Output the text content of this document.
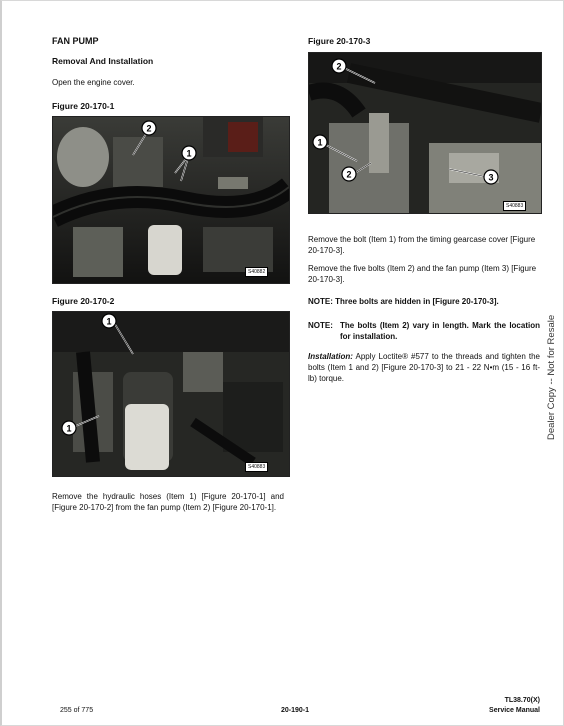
FAN PUMP
Removal And Installation
Open the engine cover.
Figure 20-170-1
2
1
S40882
Figure 20-170-2
1
1
S40883
Remove the hydraulic hoses (Item 1) [Figure 20-170-1] and [Figure 20-170-2] from the fan pump (Item 2) [Figure 20-170-1].
Figure 20-170-3
2
1
2	3
S40883
Remove the bolt (Item 1) from the timing gearcase cover [Figure 20-170-3].
Remove the five bolts (Item 2) and the fan pump (Item 3) [Figure 20-170-3].
NOTE: Three bolts are hidden in [Figure 20-170-3].
NOTE: The bolts (Item 2) vary in length. Mark the location for installation.
Installation: Apply Loctite® #577 to the threads and tighten the bolts (Item 1 and 2) [Figure 20-170-3] to 21 - 22 N•m (15 - 16 ft-lb) torque.	Dealer Copy -- Not for Resale
255 of 775	20-190-1
TL38.70(X)
Service Manual
